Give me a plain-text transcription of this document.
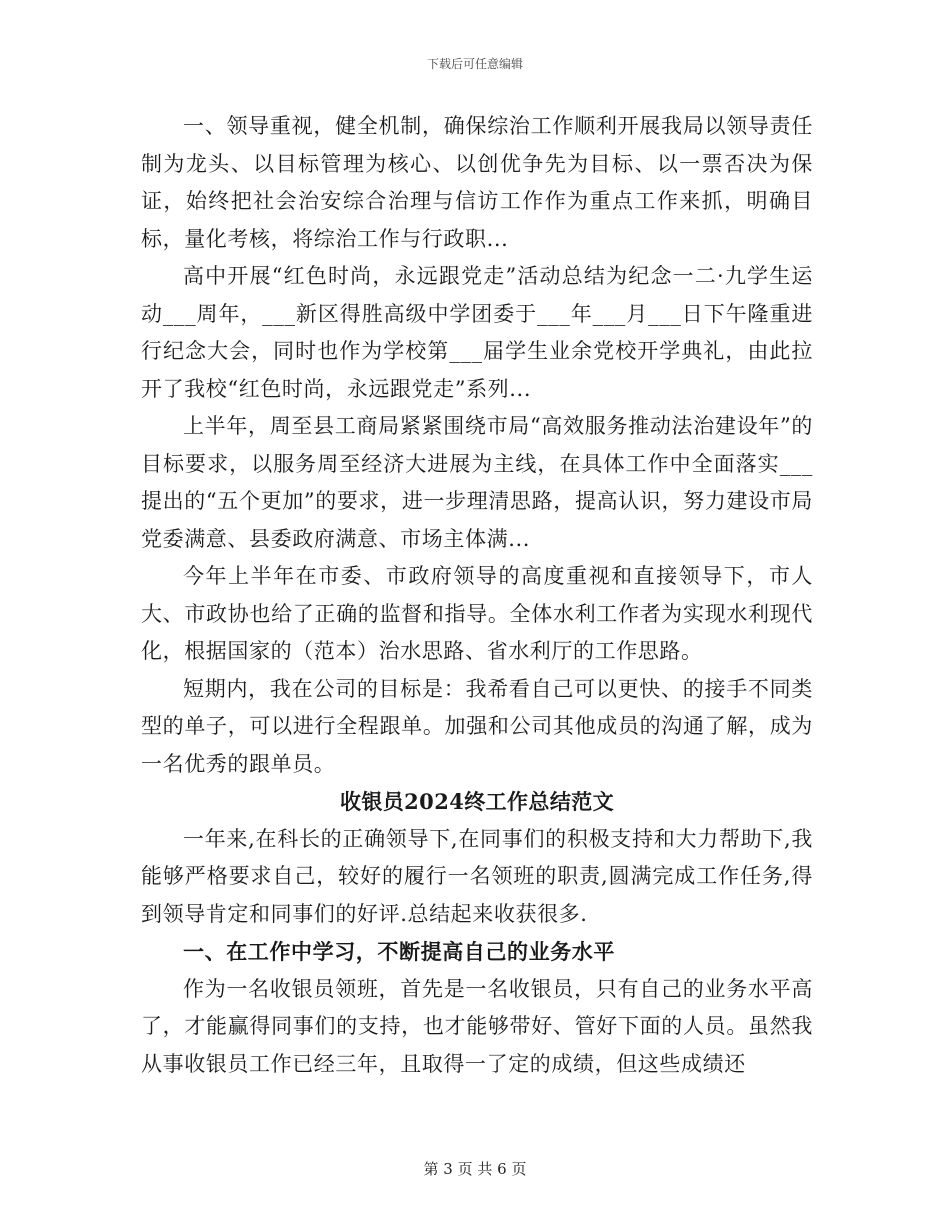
下载后可任意编辑

一、领导重视，健全机制，确保综治工作顺利开展我局以领导责任制为龙头、以目标管理为核心、以创优争先为目标、以一票否决为保证，始终把社会治安综合治理与信访工作作为重点工作来抓，明确目标，量化考核，将综治工作与行政职...

高中开展“红色时尚，永远跟党走”活动总结为纪念一二·九学生运动___周年，___新区得胜高级中学团委于___年___月___日下午隆重进行纪念大会，同时也作为学校第___届学生业余党校开学典礼，由此拉开了我校“红色时尚，永远跟党走”系列...

上半年，周至县工商局紧紧围绕市局“高效服务推动法治建设年”的目标要求，以服务周至经济大进展为主线，在具体工作中全面落实___提出的“五个更加”的要求，进一步理清思路，提高认识，努力建设市局党委满意、县委政府满意、市场主体满...

今年上半年在市委、市政府领导的高度重视和直接领导下，市人大、市政协也给了正确的监督和指导。全体水利工作者为实现水利现代化，根据国家的（范本）治水思路、省水利厅的工作思路。

短期内，我在公司的目标是：我希看自己可以更快、的接手不同类型的单子，可以进行全程跟单。加强和公司其他成员的沟通了解，成为一名优秀的跟单员。

收银员2024终工作总结范文

一年来,在科长的正确领导下,在同事们的积极支持和大力帮助下,我能够严格要求自己，较好的履行一名领班的职责,圆满完成工作任务,得到领导肯定和同事们的好评.总结起来收获很多.

一、在工作中学习，不断提高自己的业务水平

作为一名收银员领班，首先是一名收银员，只有自己的业务水平高了，才能赢得同事们的支持，也才能够带好、管好下面的人员。虽然我从事收银员工作已经三年，且取得一了定的成绩，但这些成绩还

第 3 页 共 6 页
